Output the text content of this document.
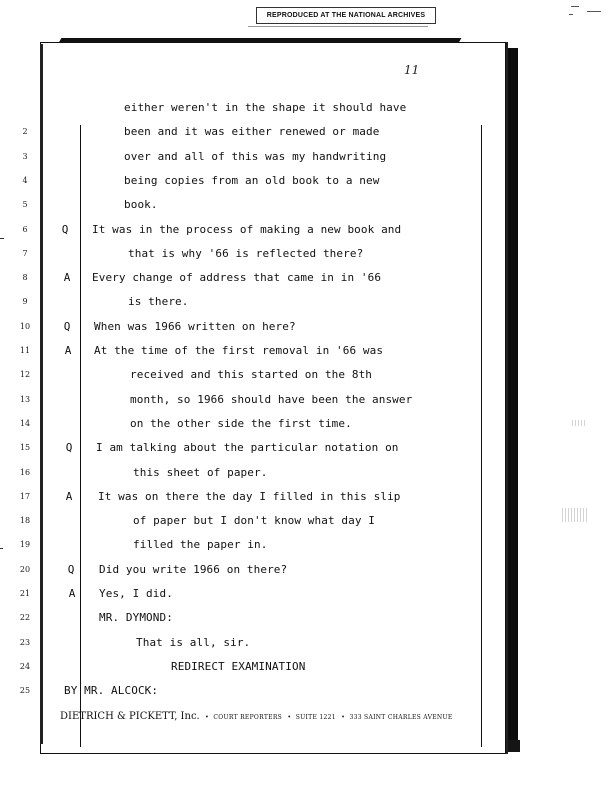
REPRODUCED AT THE NATIONAL ARCHIVES
11
either weren't in the shape it should have
2	been and it was either renewed or made
3	over and all of this was my handwriting
4	being copies from an old book to a new
5	book.
6	Q	It was in the process of making a new book and
7	that is why '66 is reflected there?
8	A	Every change of address that came in in '66
9	is there.
10	Q	When was 1966 written on here?
11	A	At the time of the first removal in '66 was
12	received and this started on the 8th
13	month, so 1966 should have been the answer
14	on the other side the first time.
15	Q	I am talking about the particular notation on
16	this sheet of paper.
17	A	It was on there the day I filled in this slip
18	of paper but I don't know what day I
19	filled the paper in.
20	Q	Did you write 1966 on there?
21	A	Yes, I did.
22	MR. DYMOND:
23	That is all, sir.
24	REDIRECT EXAMINATION
25	BY MR. ALCOCK:
DIETRICH & PICKETT, Inc.  •  COURT REPORTERS  •  SUITE 1221  •  333 SAINT CHARLES AVENUE
